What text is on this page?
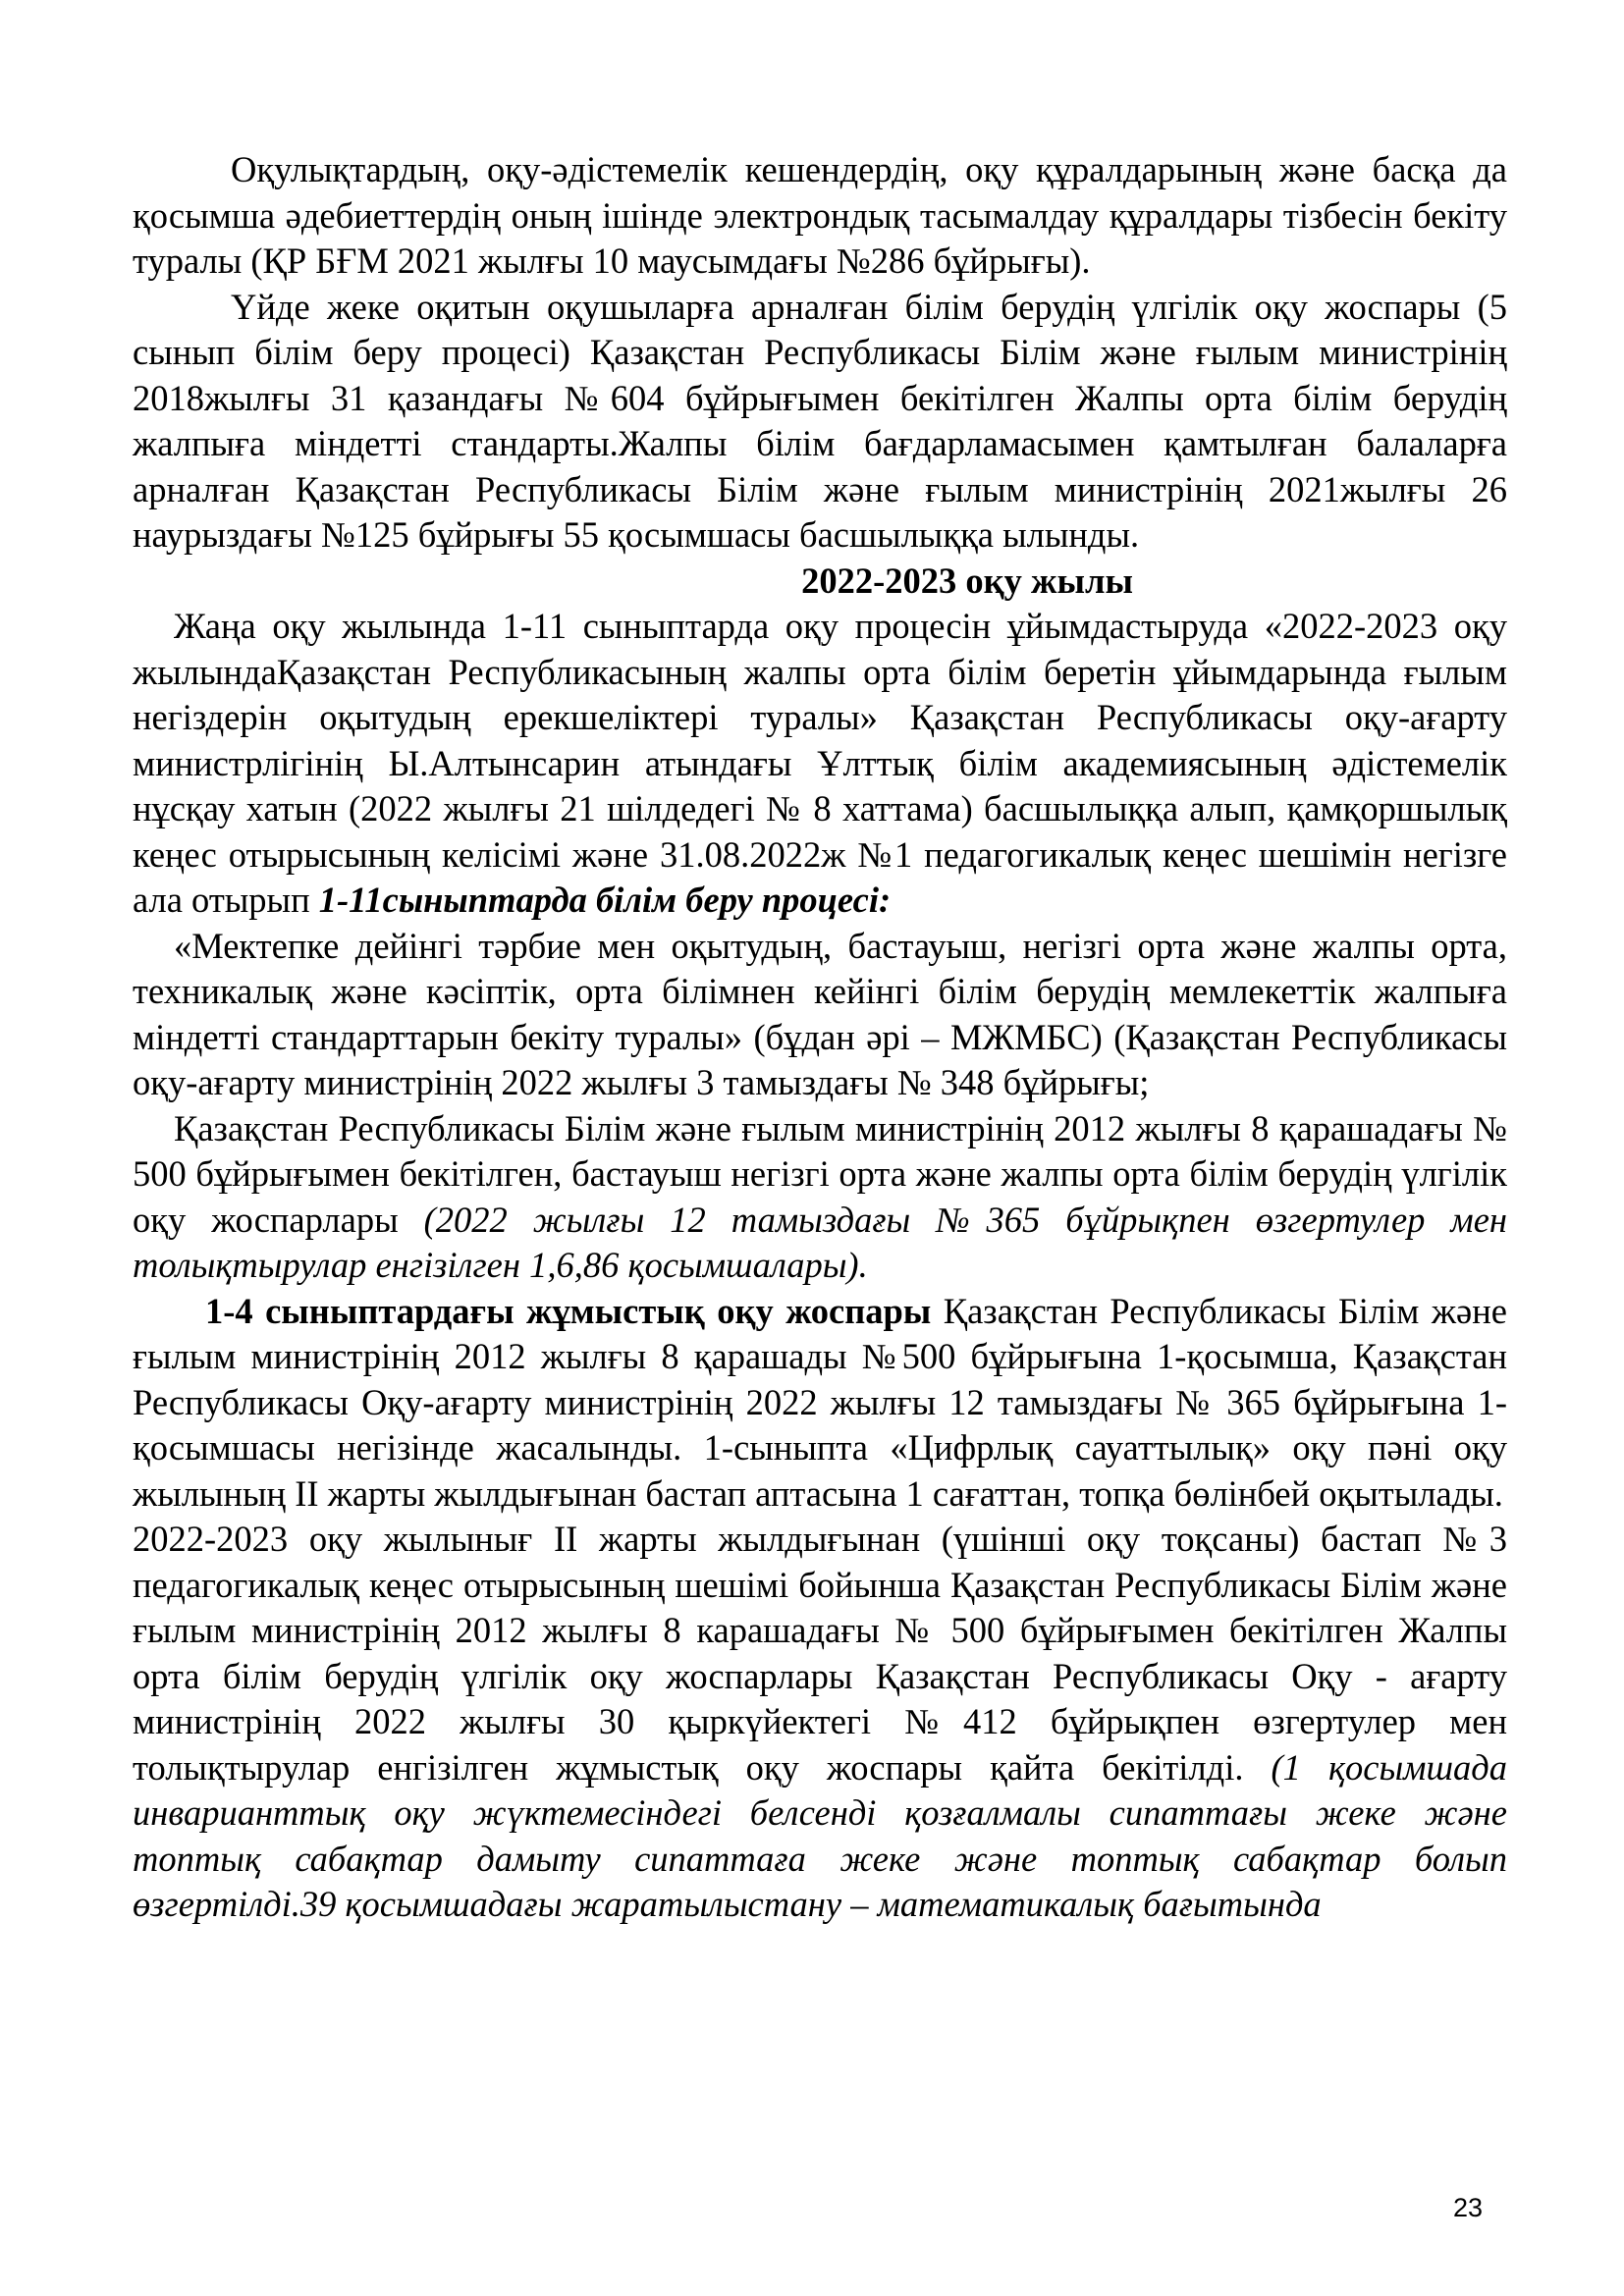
Оқулықтардың, оқу-әдістемелік кешендердің, оқу құралдарының және басқа да қосымша әдебиеттердің оның ішінде электрондық тасымалдау құралдары тізбесін бекіту туралы (ҚР БҒМ 2021 жылғы 10 маусымдағы №286 бұйрығы).

Үйде жеке оқитын оқушыларға арналған білім берудің үлгілік оқу жоспары (5 сынып білім беру процесі) Қазақстан Республикасы Білім және ғылым министрінің 2018жылғы 31 қазандағы №604 бұйрығымен бекітілген Жалпы орта білім берудің жалпыға міндетті стандарты.Жалпы білім бағдарламасымен қамтылған балаларға арналған Қазақстан Республикасы Білім және ғылым министрінің 2021жылғы 26 наурыздағы №125 бұйрығы 55 қосымшасы басшылыққа ылынды.

2022-2023 оқу жылы

Жаңа оқу жылында 1-11 сыныптарда оқу процесін ұйымдастыруда «2022-2023 оқу жылындаҚазақстан Республикасының жалпы орта білім беретін ұйымдарында ғылым негіздерін оқытудың ерекшеліктері туралы» Қазақстан Республикасы оқу-ағарту министрлігінің Ы.Алтынсарин атындағы Ұлттық білім академиясының әдістемелік нұсқау хатын (2022 жылғы 21 шілдедегі № 8 хаттама) басшылыққа алып, қамқоршылық кеңес отырысының келісімі және 31.08.2022ж №1 педагогикалық кеңес шешімін негізге ала отырып 1-11сыныптарда білім беру процесі:

«Мектепке дейінгі тәрбие мен оқытудың, бастауыш, негізгі орта және жалпы орта, техникалық және кәсіптік, орта білімнен кейінгі білім берудің мемлекеттік жалпыға міндетті стандарттарын бекіту туралы» (бұдан әрі – МЖМБС) (Қазақстан Республикасы оқу-ағарту министрінің 2022 жылғы 3 тамыздағы № 348 бұйрығы;

Қазақстан Республикасы Білім және ғылым министрінің 2012 жылғы 8 қарашадағы № 500 бұйрығымен бекітілген, бастауыш негізгі орта және жалпы орта білім берудің үлгілік оқу жоспарлары (2022 жылғы 12 тамыздағы №365 бұйрықпен өзгертулер мен толықтырулар енгізілген 1,6,86 қосымшалары).

1-4 сыныптардағы жұмыстық оқу жоспары Қазақстан Республикасы Білім және ғылым министрінің 2012 жылғы 8 қарашады №500 бұйрығына 1-қосымша, Қазақстан Республикасы Оқу-ағарту министрінің 2022 жылғы 12 тамыздағы № 365 бұйрығына 1-қосымшасы негізінде жасалынды. 1-сыныпта «Цифрлық сауаттылық» оқу пәні оқу жылының ІІ жарты жылдығынан бастап аптасына 1 сағаттан, топқа бөлінбей оқытылады.

2022-2023 оқу жылынығ ІІ жарты жылдығынан (үшінші оқу тоқсаны) бастап №3 педагогикалық кеңес отырысының шешімі бойынша Қазақстан Республикасы Білім және ғылым министрінің 2012 жылғы 8 карашадағы № 500 бұйрығымен бекітілген Жалпы орта білім берудің үлгілік оқу жоспарлары Қазақстан Республикасы Оқу - ағарту министрінің 2022 жылғы 30 қыркүйектегі №412 бұйрықпен өзгертулер мен толықтырулар енгізілген жұмыстық оқу жоспары қайта бекітілді. (1 қосымшада инварианттық оқу жүктемесіндегі белсенді қозғалмалы сипаттағы жеке және топтық сабақтар дамыту сипаттаға жеке және топтық сабақтар болып өзгертілді.39 қосымшадағы жаратылыстану – математикалық бағытында

23
